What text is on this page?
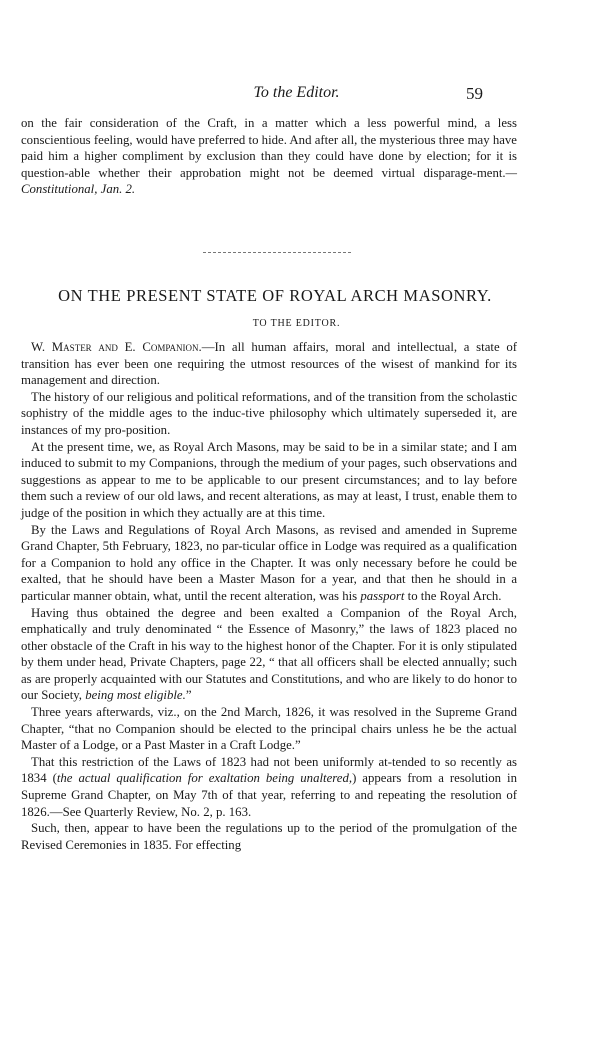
To the Editor.	59

on the fair consideration of the Craft, in a matter which a less powerful mind, a less conscientious feeling, would have preferred to hide. And after all, the mysterious three may have paid him a higher compliment by exclusion than they could have done by election; for it is question-able whether their approbation might not be deemed virtual disparage-ment.—Constitutional, Jan. 2.

ON THE PRESENT STATE OF ROYAL ARCH MASONRY.
TO THE EDITOR.

W. Master and E. Companion.—In all human affairs, moral and intellectual, a state of transition has ever been one requiring the utmost resources of the wisest of mankind for its management and direction.

The history of our religious and political reformations, and of the transition from the scholastic sophistry of the middle ages to the induc-tive philosophy which ultimately superseded it, are instances of my pro-position.

At the present time, we, as Royal Arch Masons, may be said to be in a similar state; and I am induced to submit to my Companions, through the medium of your pages, such observations and suggestions as appear to me to be applicable to our present circumstances; and to lay before them such a review of our old laws, and recent alterations, as may at least, I trust, enable them to judge of the position in which they actually are at this time.

By the Laws and Regulations of Royal Arch Masons, as revised and amended in Supreme Grand Chapter, 5th February, 1823, no par-ticular office in Lodge was required as a qualification for a Companion to hold any office in the Chapter. It was only necessary before he could be exalted, that he should have been a Master Mason for a year, and that then he should in a particular manner obtain, what, until the recent alteration, was his passport to the Royal Arch.

Having thus obtained the degree and been exalted a Companion of the Royal Arch, emphatically and truly denominated “ the Essence of Masonry,” the laws of 1823 placed no other obstacle of the Craft in his way to the highest honor of the Chapter. For it is only stipulated by them under head, Private Chapters, page 22, “ that all officers shall be elected annually; such as are properly acquainted with our Statutes and Constitutions, and who are likely to do honor to our Society, being most eligible.”

Three years afterwards, viz., on the 2nd March, 1826, it was resolved in the Supreme Grand Chapter, “that no Companion should be elected to the principal chairs unless he be the actual Master of a Lodge, or a Past Master in a Craft Lodge.”

That this restriction of the Laws of 1823 had not been uniformly at-tended to so recently as 1834 (the actual qualification for exaltation being unaltered,) appears from a resolution in Supreme Grand Chapter, on May 7th of that year, referring to and repeating the resolution of 1826.—See Quarterly Review, No. 2, p. 163.

Such, then, appear to have been the regulations up to the period of the promulgation of the Revised Ceremonies in 1835. For effecting
